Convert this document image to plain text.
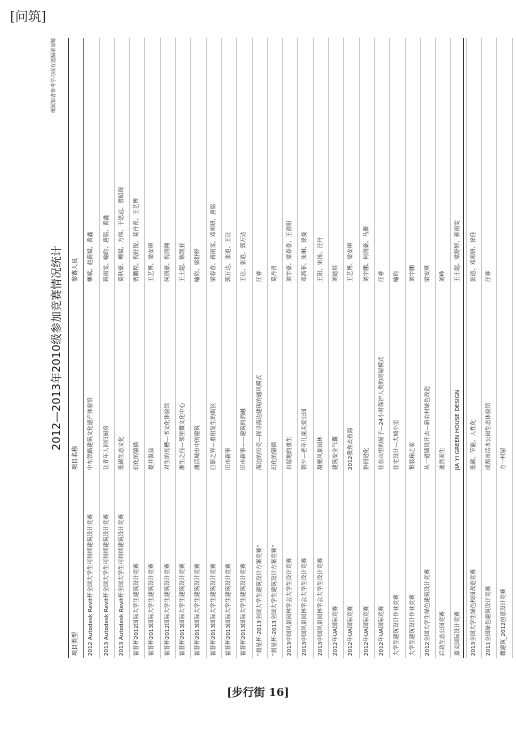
[问筑]
2012—2013年2010级参加竞赛情况统计
统属知者参考学习或有遗漏请谅解
项目类型
项目名称
参赛人员
2012 Autodesk Revit杯全国大学生可持续建筑设计竞赛
中东铁路建筑文化遗产体验馆
柳斌、赵蔚斌、黄鑫
2013 Autodesk Revit杯全国大学生可持续建筑设计竞赛
让青年人回归厨房
蒋雨雯、喻昀、唐铭、黄鑫
2013 Autodesk Revit杯全国大学生可持续建筑设计竞赛
低碳生态文化
莫秋豪、柳斌、方伟、于思远、曾昭琛
霍普杯2012国际大学生建筑设计竞赛
幻化的猿猫
贾鹏程、倪旺锐、莫丹青、王艺博
霍普杯2013国际大学生建筑设计竞赛
提井汲益
王艺博、梁安琪
霍普杯2012国际大学生建筑设计竞赛
对生的光槽—书文化体验馆
何润豪、倪润翔
霍普杯2013国际大学生建筑设计竞赛
渐生之径—邻里微文化中心
王士超、陈凯业
霍普杯2013国际大学生建筑设计竞赛
激活城市中的建筑
喻昀、梁舒婷
霍普杯2013国际大学生建筑设计竞赛
巨影之界—重组复生的街区
梁春香、蒋雨雯、邓邦妍、唐铭
霍普杯2013国际大学生建筑设计竞赛
旧市新事
郭万达、张逍、王让
霍普杯2013国际大学生建筑设计竞赛
旧市新事——建筑的消融
王让、张逍、郭万达
“晨星杯·2013全国大学生建筑设计方案竞赛”
海边的贝壳—探寻海边建筑的通风模式
汪睿
“晨星杯·2013全国大学生建筑设计方案竞赛”
幻化的猿猫
莫丹青
2013中国风景园林学会大学生设计竞赛
自留地的重生
刘宇豪、梁春香、王清阳
2013中国风景园林学会大学生设计竞赛
朝夕—老年儿童关爱公园
邓茜菲、朱琳、徐曼
2013中国风景园林学会大学生设计竞赛
凝聚风景园林
王阳、宋扬、汪丹
2012年UA国际竞赛
建筑安全气囊
刘迪培
2012年UA国际竞赛
2012我你去看海
王艺博、梁安琪
2012年UA国际竞赛
协同进化
刘宇鹏、何润豪、马藤
2012年UA国际竞赛
住在山里的屋子—24小时保护人类的房屋模式
汪睿
大学生建筑设计作业竞赛
住宅设计—大城小室
喻昀
大学生建筑设计作业竞赛
集装箱之家
刘宇鹏
2012全国大学生绿色建筑设计竞赛
从一道墙说开去—新农村绿色改造
梁安琪
后劲生态公园竞赛
迪然而生
刘峥
嘉义国际设计竞赛
JIA YI GREEN HOUSE DESIGN
王士超、梁舒婷、蒋雨雯
2013全国大学生绿色校园改造竞赛
低碳、节能、人性化
张逍、邓邦妍、徐佳
2011全国绿色建筑设计竞赛
成都市活水公园生态体验馆
汪睿
微建筑_2012创意设计竞赛
方一村屋
[步行街 16]
